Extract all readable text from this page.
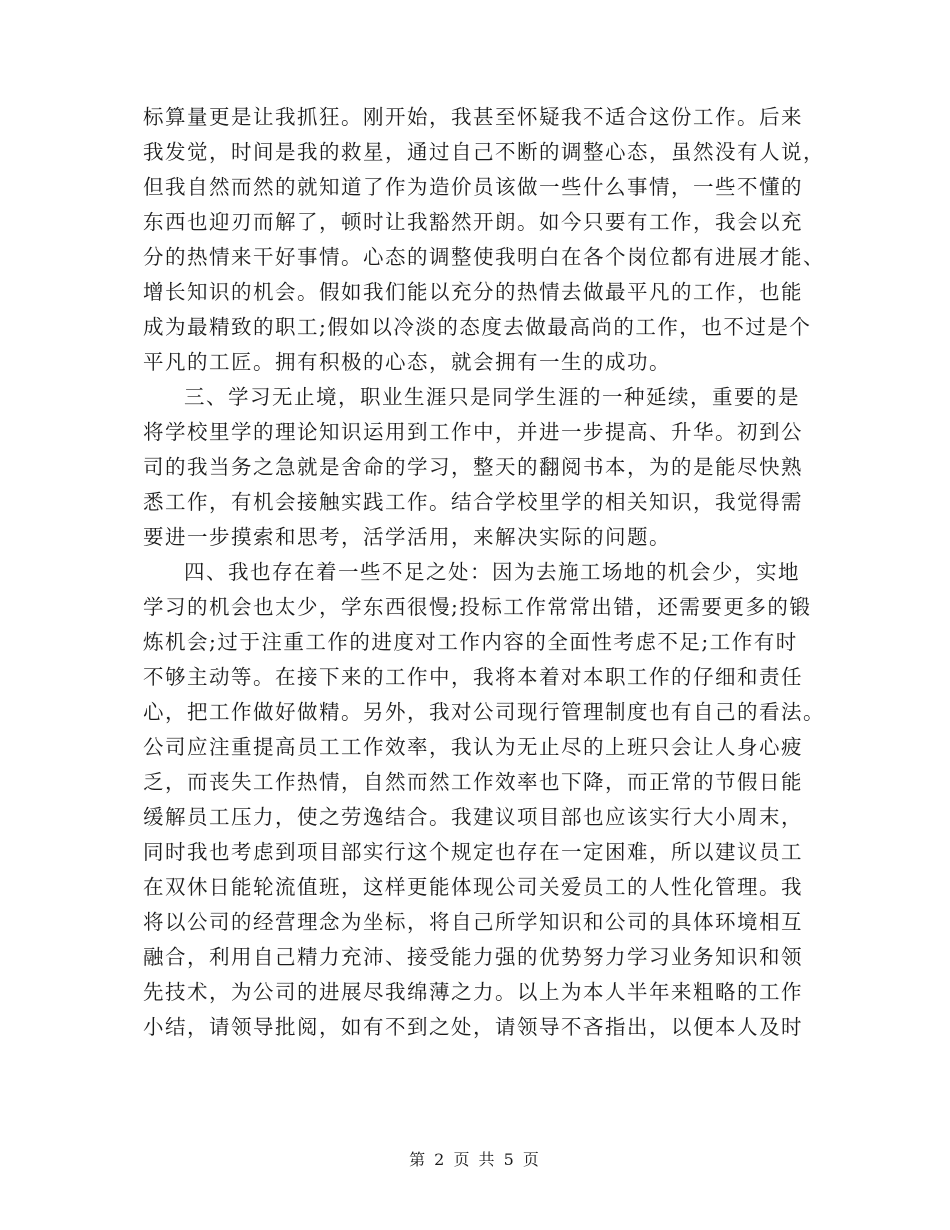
标算量更是让我抓狂。刚开始，我甚至怀疑我不适合这份工作。后来
我发觉，时间是我的救星，通过自己不断的调整心态，虽然没有人说，
但我自然而然的就知道了作为造价员该做一些什么事情，一些不懂的
东西也迎刃而解了，顿时让我豁然开朗。如今只要有工作，我会以充
分的热情来干好事情。心态的调整使我明白在各个岗位都有进展才能、
增长知识的机会。假如我们能以充分的热情去做最平凡的工作，也能
成为最精致的职工;假如以冷淡的态度去做最高尚的工作，也不过是个
平凡的工匠。拥有积极的心态，就会拥有一生的成功。
三、学习无止境，职业生涯只是同学生涯的一种延续，重要的是
将学校里学的理论知识运用到工作中，并进一步提高、升华。初到公
司的我当务之急就是舍命的学习，整天的翻阅书本，为的是能尽快熟
悉工作，有机会接触实践工作。结合学校里学的相关知识，我觉得需
要进一步摸索和思考，活学活用，来解决实际的问题。
四、我也存在着一些不足之处：因为去施工场地的机会少，实地
学习的机会也太少，学东西很慢;投标工作常常出错，还需要更多的锻
炼机会;过于注重工作的进度对工作内容的全面性考虑不足;工作有时
不够主动等。在接下来的工作中，我将本着对本职工作的仔细和责任
心，把工作做好做精。另外，我对公司现行管理制度也有自己的看法。
公司应注重提高员工工作效率，我认为无止尽的上班只会让人身心疲
乏，而丧失工作热情，自然而然工作效率也下降，而正常的节假日能
缓解员工压力，使之劳逸结合。我建议项目部也应该实行大小周末，
同时我也考虑到项目部实行这个规定也存在一定困难，所以建议员工
在双休日能轮流值班，这样更能体现公司关爱员工的人性化管理。我
将以公司的经营理念为坐标，将自己所学知识和公司的具体环境相互
融合，利用自己精力充沛、接受能力强的优势努力学习业务知识和领
先技术，为公司的进展尽我绵薄之力。以上为本人半年来粗略的工作
小结，请领导批阅，如有不到之处，请领导不吝指出，以便本人及时
第 2 页 共 5 页
